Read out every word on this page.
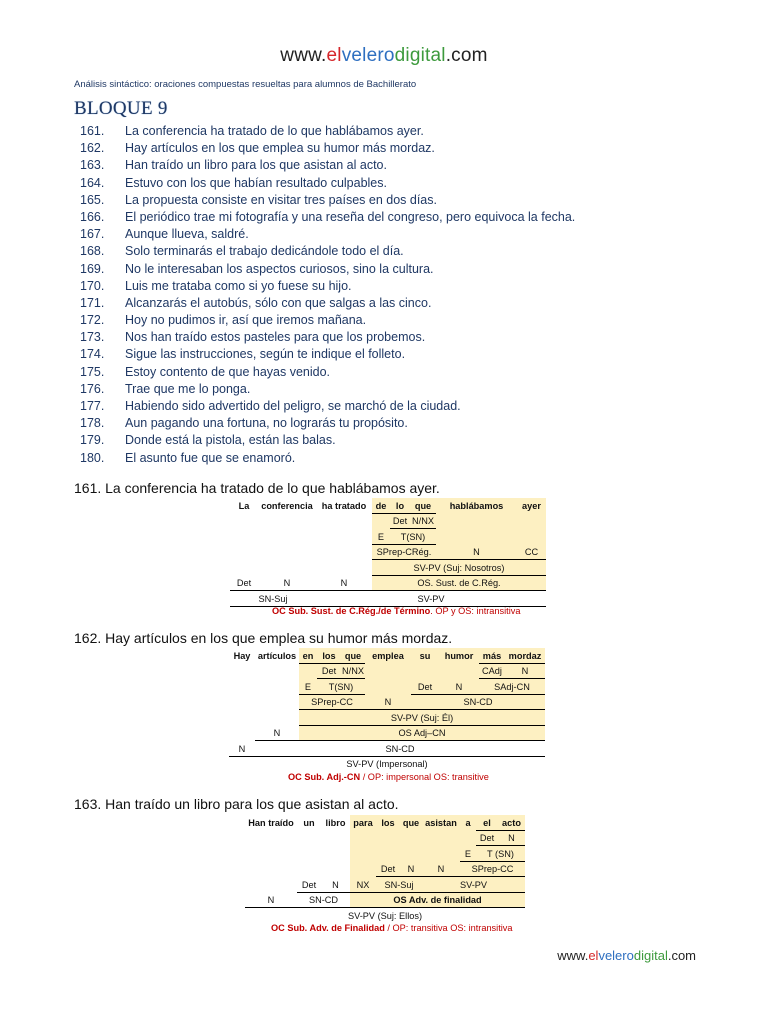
www.elvelerodigital.com
Análisis sintáctico: oraciones compuestas resueltas para alumnos de Bachillerato
BLOQUE 9
161. La conferencia ha tratado de lo que hablábamos ayer.
162. Hay artículos en los que emplea su humor más mordaz.
163. Han traído un libro para los que asistan al acto.
164. Estuvo con los que habían resultado culpables.
165. La propuesta consiste en visitar tres países en dos días.
166. El periódico trae mi fotografía y una reseña del congreso, pero equivoca la fecha.
167. Aunque llueva, saldré.
168. Solo terminarás el trabajo dedicándole todo el día.
169. No le interesaban los aspectos curiosos, sino la cultura.
170. Luis me trataba como si yo fuese su hijo.
171. Alcanzarás el autobús, sólo con que salgas a las cinco.
172. Hoy no pudimos ir, así que iremos mañana.
173. Nos han traído estos pasteles para que los probemos.
174. Sigue las instrucciones, según te indique el folleto.
175. Estoy contento de que hayas venido.
176. Trae que me lo ponga.
177. Habiendo sido advertido del peligro, se marchó de la ciudad.
178. Aun pagando una fortuna, no lograrás tu propósito.
179. Donde está la pistola, están las balas.
180. El asunto fue que se enamoró.
161. La conferencia ha tratado de lo que hablábamos ayer.
La	conferencia	ha tratado	de	lo	que	hablábamos	ayer
				Det	N/NX		
			E	T(SN)			
			SPrep-CRég.			N	CC
			SV-PV (Suj: Nosotros)				
Det	N	N	OS. Sust. de C.Rég.				
SN-Suj		SV-PV					
OC Sub. Sust. de C.Rég./de Término. OP y OS: intransitiva
162. Hay artículos en los que emplea su humor más mordaz.
Hay	artículos	en	los	que	emplea	su	humor	más	mordaz
			Det	N/NX				CAdj	N
		E	T(SN)			Det	N	SAdj-CN	
		SPrep-CC			N	SN-CD			
		SV-PV (Suj: Él)							
	N	OS Adj–CN							
N	SN-CD								
SV-PV (Impersonal)									
OC Sub. Adj.-CN / OP: impersonal OS: transitive
163. Han traído un libro para los que asistan al acto.
Han traído	un	libro	para	los	que	asistan	a	el	acto
								Det	N
							E	T (SN)	
				Det	N	N	SPrep-CC		
	Det	N	NX	SN-Suj		SV-PV			
N	SN-CD		OS Adv. de finalidad						
SV-PV (Suj: Ellos)									
OC Sub. Adv. de Finalidad / OP: transitiva OS: intransitiva
www.elvelerodigital.com
